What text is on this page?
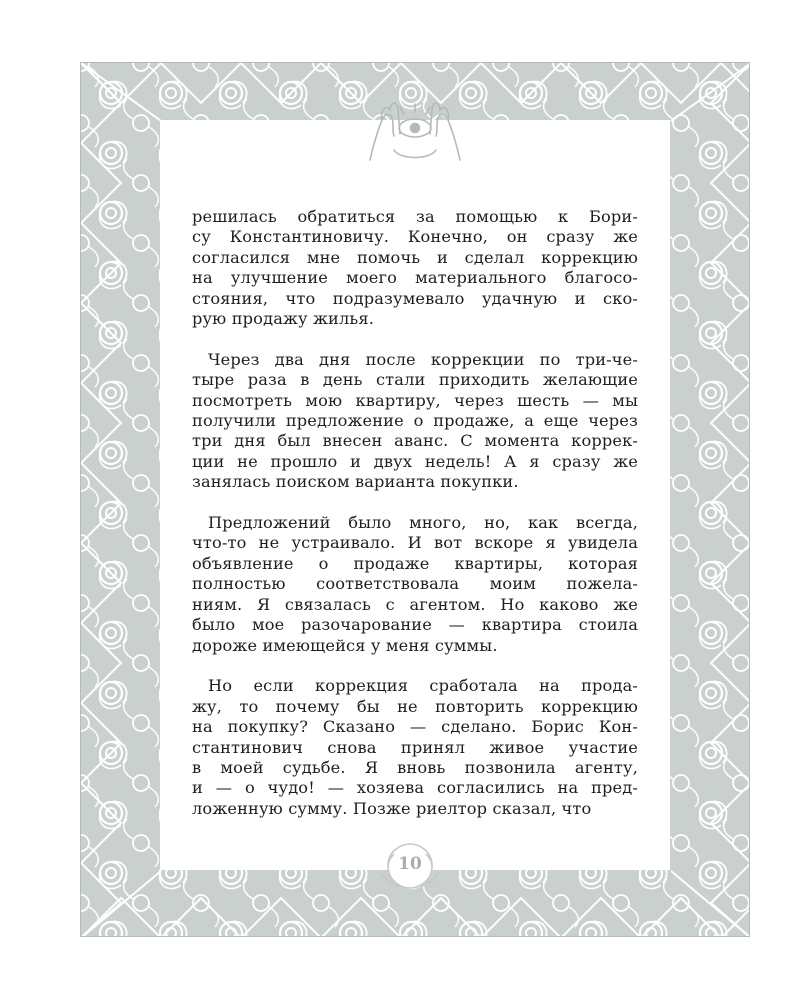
10
решилась обратиться за помощью к Бори-
су Константиновичу. Конечно, он сразу же
согласился мне помочь и сделал коррекцию
на улучшение моего материального благосо-
стояния, что подразумевало удачную и ско-
рую продажу жилья.
Через два дня после коррекции по три-че-
тыре раза в день стали приходить желающие
посмотреть мою квартиру, через шесть — мы
получили предложение о продаже, а еще через
три дня был внесен аванс. С момента коррек-
ции не прошло и двух недель! А я сразу же
занялась поиском варианта покупки.
Предложений было много, но, как всегда,
что-то не устраивало. И вот вскоре я увидела
объявление о продаже квартиры, которая
полностью соответствовала моим пожела-
ниям. Я связалась с агентом. Но каково же
было мое разочарование — квартира стоила
дороже имеющейся у меня суммы.
Но если коррекция сработала на прода-
жу, то почему бы не повторить коррекцию
на покупку? Сказано — сделано. Борис Кон-
стантинович снова принял живое участие
в моей судьбе. Я вновь позвонила агенту,
и — о чудо! — хозяева согласились на пред-
ложенную сумму. Позже риелтор сказал, что
